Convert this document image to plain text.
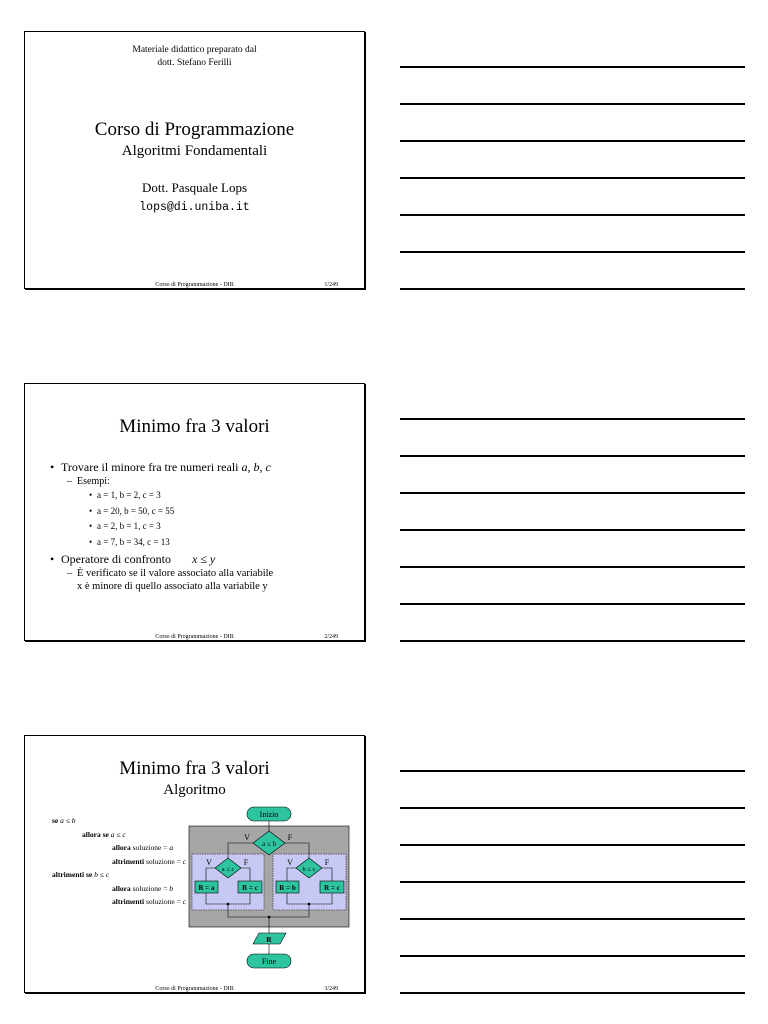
Materiale didattico preparato dal
dott. Stefano Ferilli
Corso di Programmazione
Algoritmi Fondamentali
Dott. Pasquale Lops
lops@di.uniba.it
Corso di Programmazione - DIB	1/249
Minimo fra 3 valori
• Trovare il minore fra tre numeri reali a, b, c
– Esempi:
• a = 1, b = 2, c = 3
• a = 20, b = 50, c = 55
• a = 2, b = 1, c = 3
• a = 7, b = 34, c = 13
• Operatore di confronto x ≤ y
– È verificato se il valore associato alla variabile
x è minore di quello associato alla variabile y
Corso di Programmazione - DIB	2/249
Minimo fra 3 valori
Algoritmo
se a ≤ b
allora se a ≤ c
allora soluzione = a
altrimenti soluzione = c
altrimenti se b ≤ c
allora soluzione = b
altrimenti soluzione = c
Inizio
a ≤ b
V	F
a ≤ c
V	F
R = a	R = c
b ≤ c
V	F
R = b	R = c
R
Fine
Corso di Programmazione - DIB	3/249
